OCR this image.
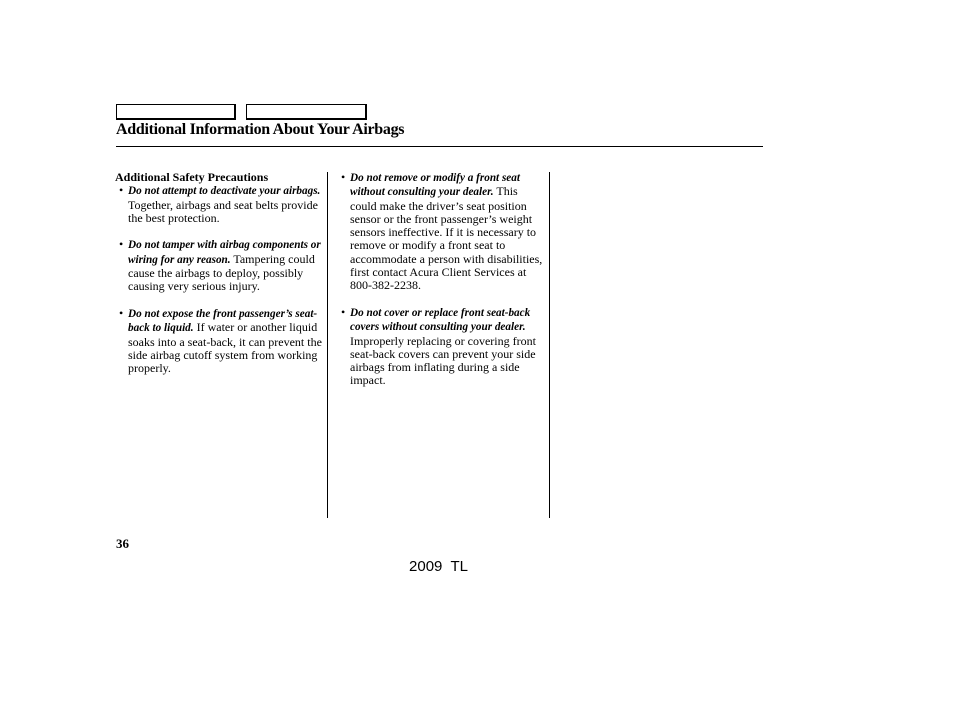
Additional Information About Your Airbags
Additional Safety Precautions
• Do not attempt to deactivate your airbags. Together, airbags and seat belts provide the best protection.
• Do not tamper with airbag components or wiring for any reason. Tampering could cause the airbags to deploy, possibly causing very serious injury.
• Do not expose the front passenger’s seat-back to liquid. If water or another liquid soaks into a seat-back, it can prevent the side airbag cutoff system from working properly.
• Do not remove or modify a front seat without consulting your dealer. This could make the driver’s seat position sensor or the front passenger’s weight sensors ineffective. If it is necessary to remove or modify a front seat to accommodate a person with disabilities, first contact Acura Client Services at 800-382-2238.
• Do not cover or replace front seat-back covers without consulting your dealer. Improperly replacing or covering front seat-back covers can prevent your side airbags from inflating during a side impact.
36
2009  TL
